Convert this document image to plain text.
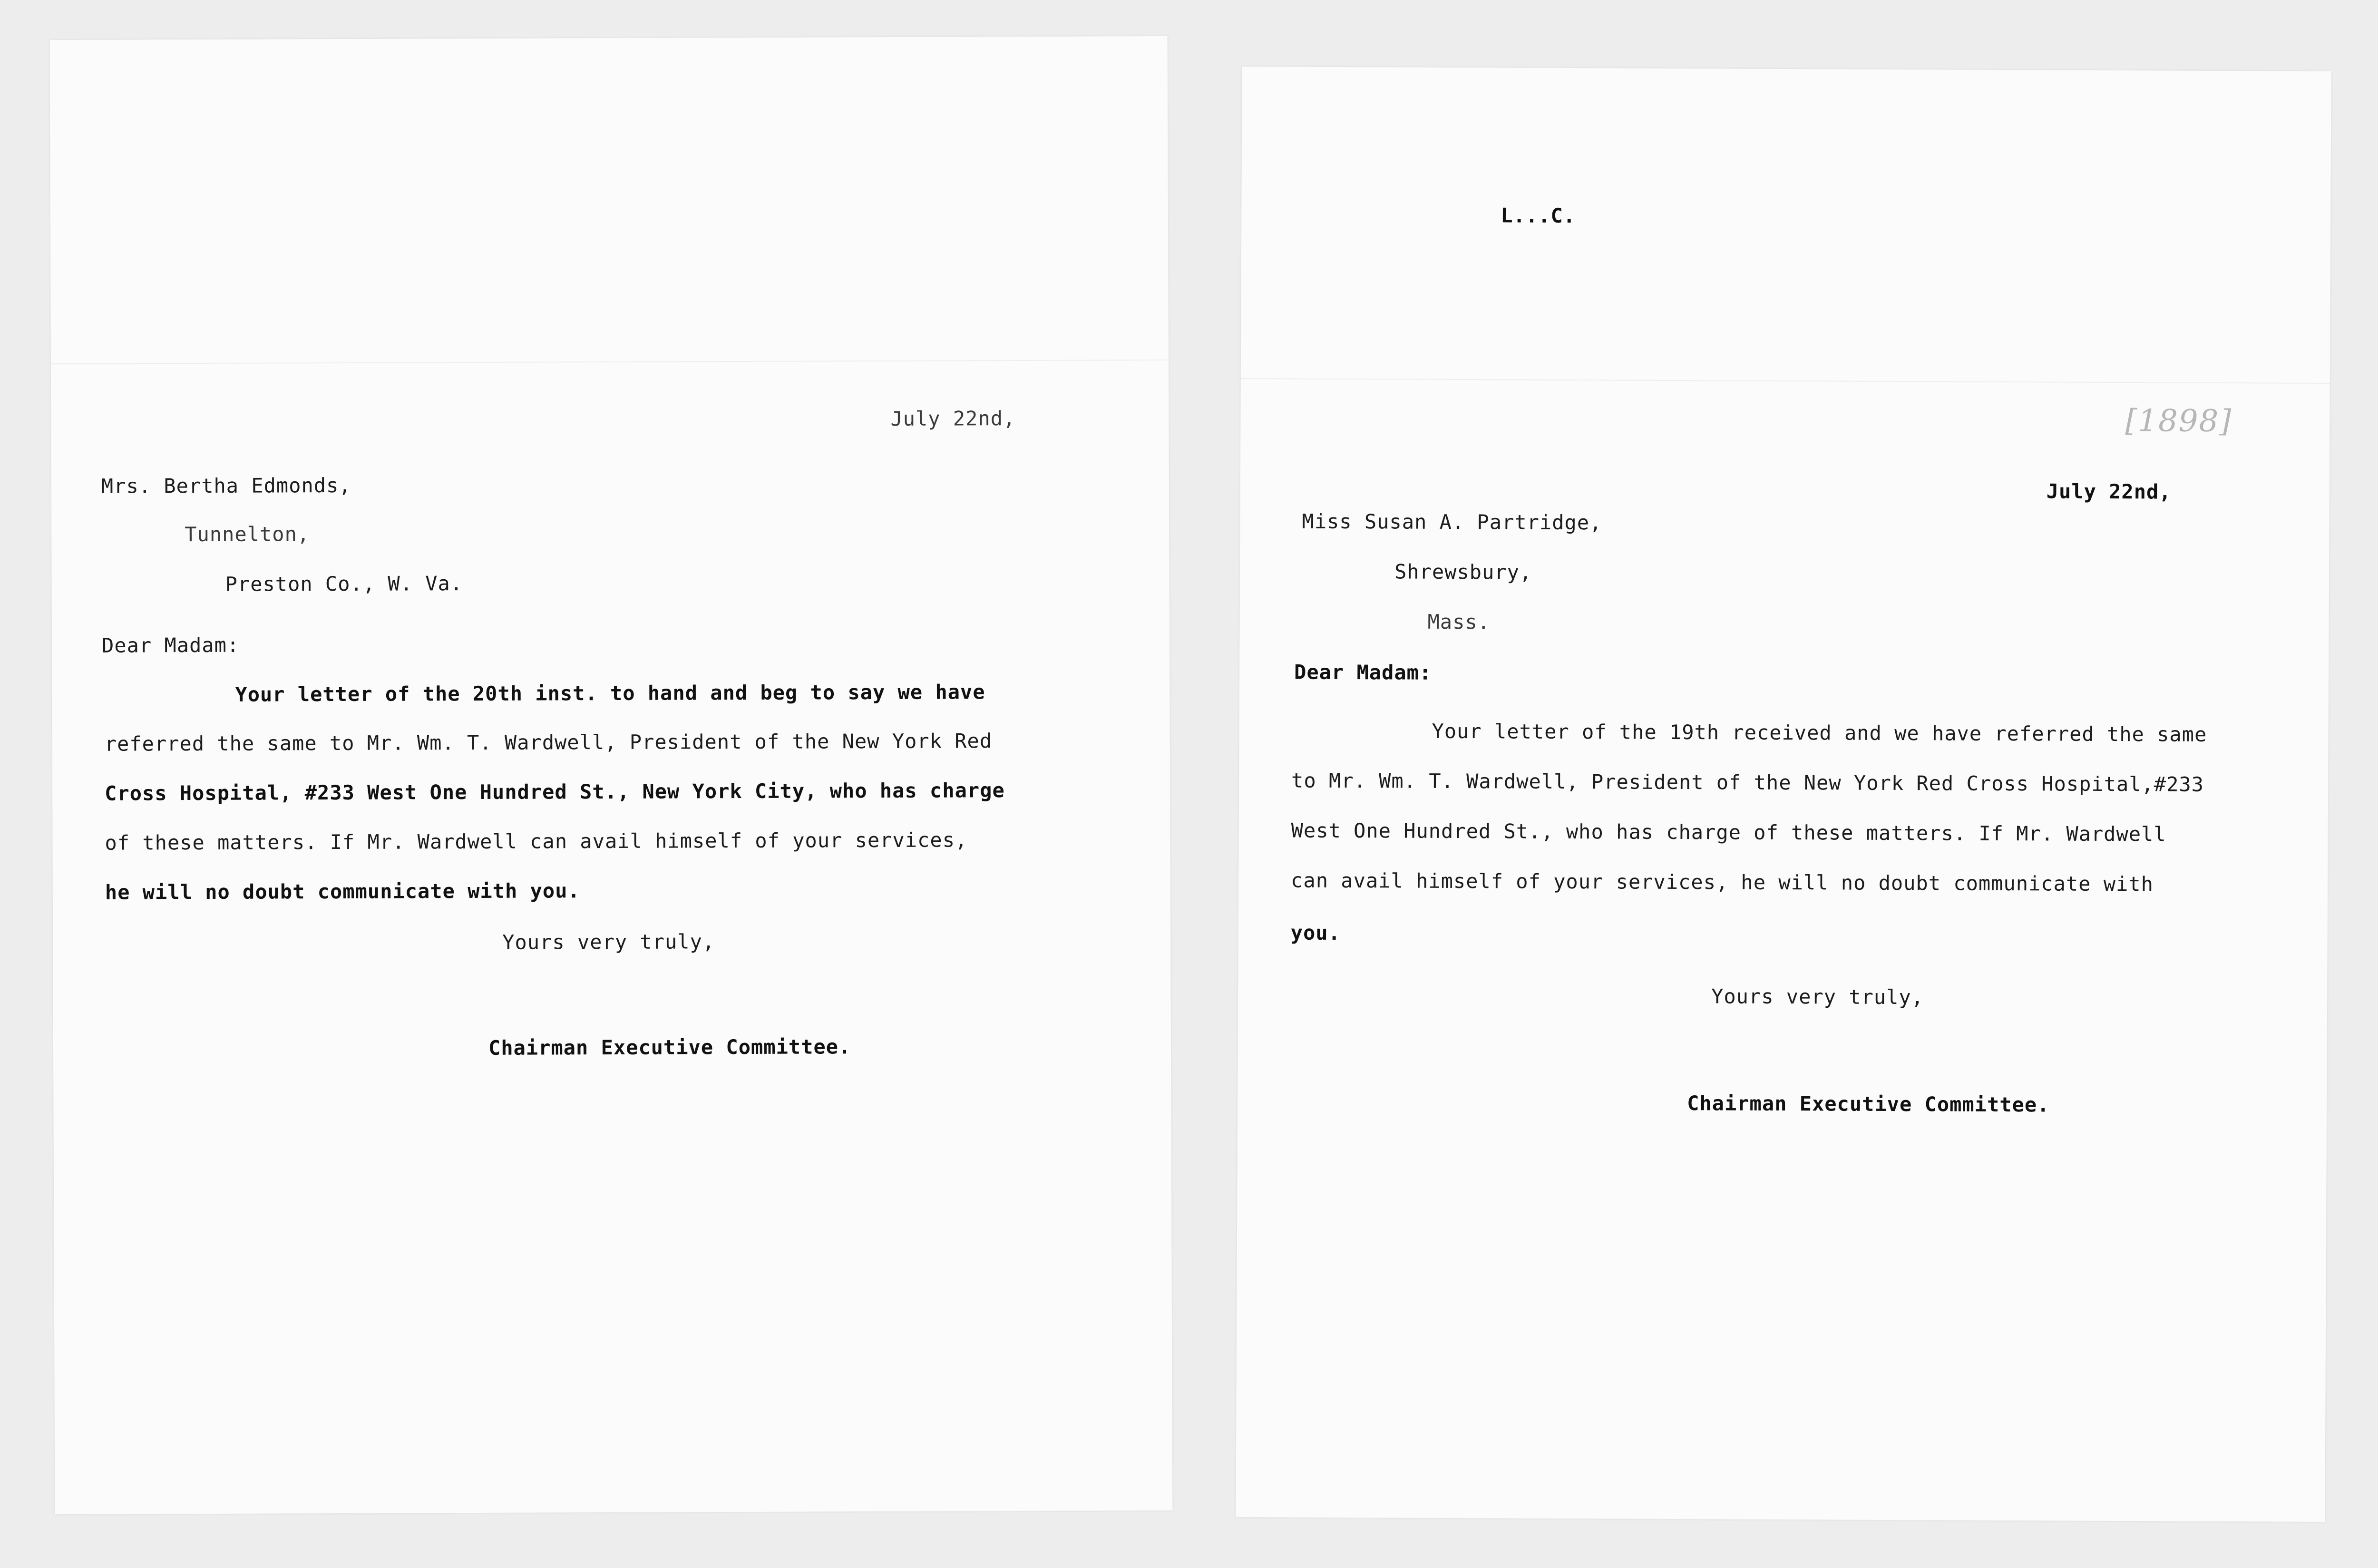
July 22nd,
Mrs. Bertha Edmonds,
Tunnelton,
Preston Co., W. Va.
Dear Madam:
Your letter of the 20th inst. to hand and beg to say we have
referred the same to Mr. Wm. T. Wardwell, President of the New York Red
Cross Hospital, #233 West One Hundred St., New York City, who has charge
of these matters. If Mr. Wardwell can avail himself of your services,
he will no doubt communicate with you.
Yours very truly,
Chairman Executive Committee.
L...C.
[1898]
July 22nd,
Miss Susan A. Partridge,
Shrewsbury,
Mass.
Dear Madam:
Your letter of the 19th received and we have referred the same
to Mr. Wm. T. Wardwell, President of the New York Red Cross Hospital,#233
West One Hundred St., who has charge of these matters. If Mr. Wardwell
can avail himself of your services, he will no doubt communicate with
you.
Yours very truly,
Chairman Executive Committee.
